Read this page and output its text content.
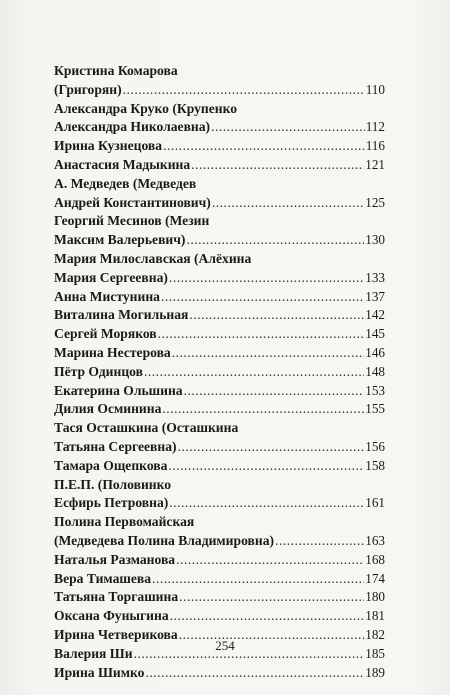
Кристина Комарова
(Григорян) .....	110
Александра Круко (Крупенко
Александра Николаевна) .....	112
Ирина Кузнецова .....	116
Анастасия Мадыкина .....	121
А. Медведев (Медведев
Андрей Константинович) .....	125
Георгий Месинов (Мезин
Максим Валерьевич) .....	130
Мария Милославская (Алёхина
Мария Сергеевна) .....	133
Анна Мистунина .....	137
Виталина Могильная .....	142
Сергей Моряков .....	145
Марина Нестерова .....	146
Пётр Одинцов .....	148
Екатерина Ольшина .....	153
Дилия Осминина .....	155
Тася Осташкина (Осташкина
Татьяна Сергеевна) .....	156
Тамара Ощепкова .....	158
П.Е.П. (Половинко
Есфирь Петровна) .....	161
Полина Первомайская
(Медведева Полина Владимировна) .....	163
Наталья Разманова .....	168
Вера Тимашева .....	174
Татьяна Торгашина .....	180
Оксана Фуныгина .....	181
Ирина Четверикова .....	182
Валерия Ши .....	185
Ирина Шимко .....	189
254
